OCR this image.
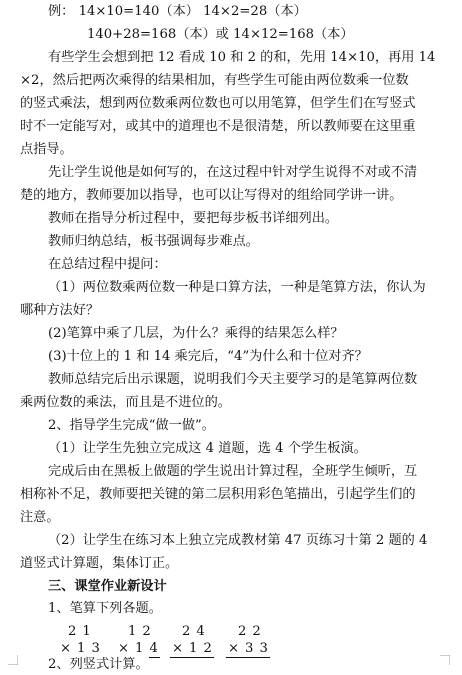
例： 14×10=140（本） 14×2=28（本）
140+28=168（本）或 14×12=168（本）
有些学生会想到把 12 看成 10 和 2 的和，先用 14×10，再用 14
×2，然后把两次乘得的结果相加，有些学生可能由两位数乘一位数
的竖式乘法，想到两位数乘两位数也可以用笔算，但学生们在写竖式
时不一定能写对，或其中的道理也不是很清楚，所以教师要在这里重
点指导。
先让学生说他是如何写的，在这过程中针对学生说得不对或不清
楚的地方，教师要加以指导，也可以让写得对的组给同学讲一讲。
教师在指导分析过程中，要把每步板书详细列出。
教师归纳总结，板书强调每步难点。
在总结过程中提问：
（1）两位数乘两位数一种是口算方法，一种是笔算方法，你认为
哪种方法好？
(2)笔算中乘了几层，为什么？乘得的结果怎么样？
(3)十位上的 1 和 14 乘完后，“4”为什么和十位对齐？
教师总结完后出示课题，说明我们今天主要学习的是笔算两位数
乘两位数的乘法，而且是不进位的。
2、指导学生完成“做一做”。
（1）让学生先独立完成这 4 道题，选 4 个学生板演。
完成后由在黑板上做题的学生说出计算过程，全班学生倾听，互
相称补不足，教师要把关键的第二层积用彩色笔描出，引起学生们的
注意。
（2）让学生在练习本上独立完成教材第 47 页练习十第 2 题的 4
道竖式计算题，集体订正。
三、课堂作业新设计
1、笔算下列各题。
21
×13
12
×14
24
×12
22
×33
2、列竖式计算。
